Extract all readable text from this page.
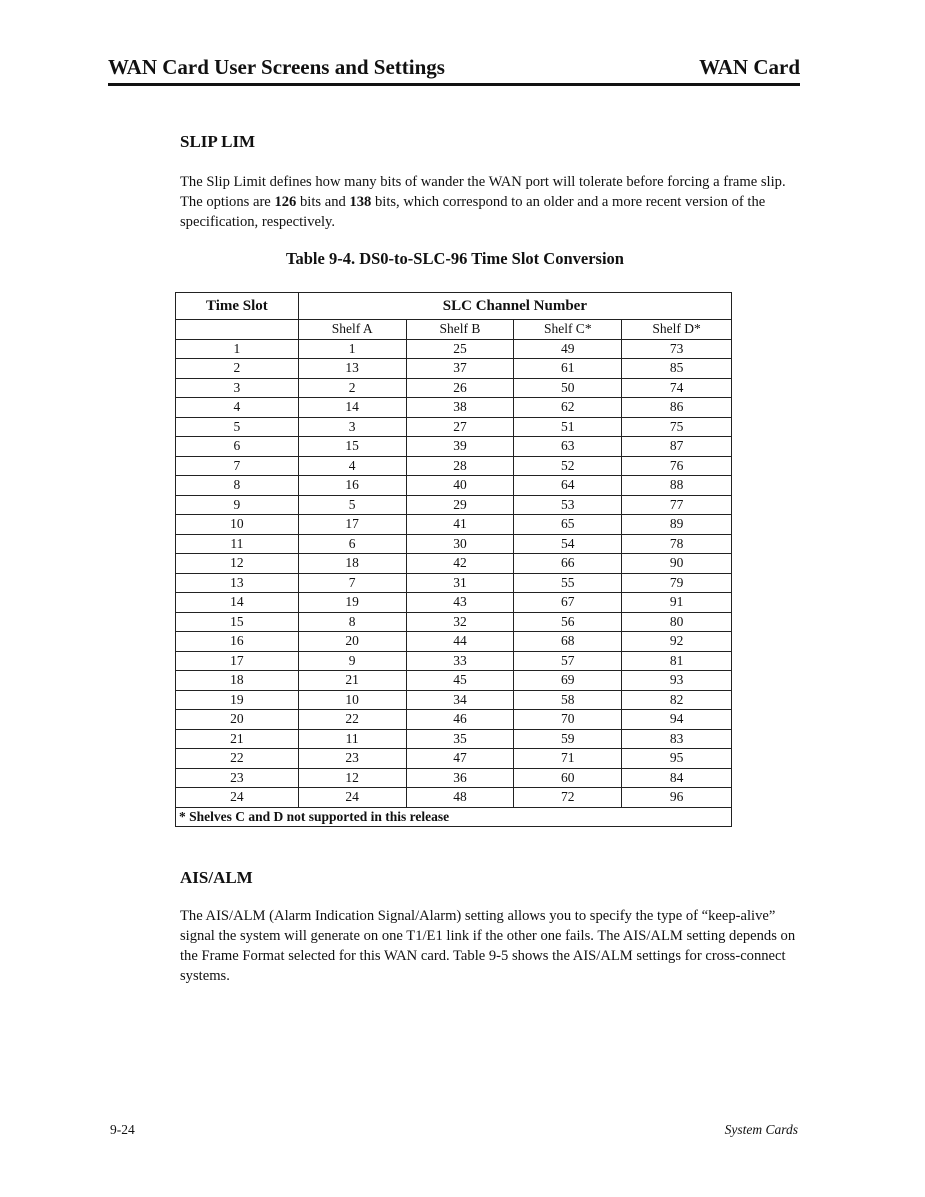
WAN Card User Screens and Settings	WAN Card
SLIP LIM
The Slip Limit defines how many bits of wander the WAN port will tolerate before forcing a frame slip. The options are 126 bits and 138 bits, which correspond to an older and a more recent version of the specification, respectively.
Table 9-4. DS0-to-SLC-96 Time Slot Conversion
Time Slot	SLC Channel Number			
	Shelf A	Shelf B	Shelf C*	Shelf D*
1	1	25	49	73
2	13	37	61	85
3	2	26	50	74
4	14	38	62	86
5	3	27	51	75
6	15	39	63	87
7	4	28	52	76
8	16	40	64	88
9	5	29	53	77
10	17	41	65	89
11	6	30	54	78
12	18	42	66	90
13	7	31	55	79
14	19	43	67	91
15	8	32	56	80
16	20	44	68	92
17	9	33	57	81
18	21	45	69	93
19	10	34	58	82
20	22	46	70	94
21	11	35	59	83
22	23	47	71	95
23	12	36	60	84
24	24	48	72	96
* Shelves C and D not supported in this release				
AIS/ALM
The AIS/ALM (Alarm Indication Signal/Alarm) setting allows you to specify the type of “keep-alive” signal the system will generate on one T1/E1 link if the other one fails. The AIS/ALM setting depends on the Frame Format selected for this WAN card. Table 9-5 shows the AIS/ALM settings for cross-connect systems.
9-24	System Cards
